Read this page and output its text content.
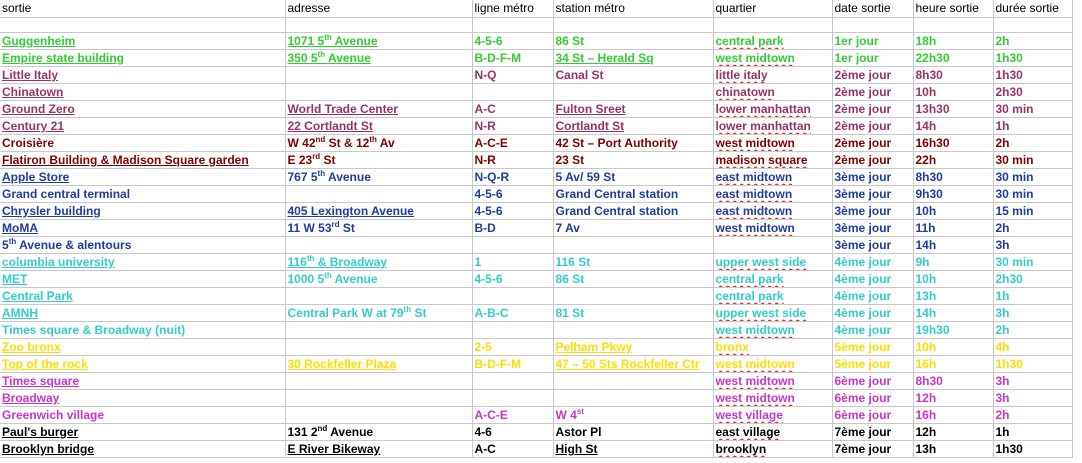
sortie	adresse	ligne métro	station métro	quartier	date sortie	heure sortie	durée sortie

Guggenheim	1071 5th Avenue	4-5-6	86 St	central park	1er jour	18h	2h
Empire state building	350 5th Avenue	B-D-F-M	34 St – Herald Sq	west midtown	1er jour	22h30	1h30
Little Italy		N-Q	Canal St	little italy	2ème jour	8h30	1h30
Chinatown				chinatown	2ème jour	10h	2h30
Ground Zero	World Trade Center	A-C	Fulton Sreet	lower manhattan	2ème jour	13h30	30 min
Century 21	22 Cortlandt St	N-R	Cortlandt St	lower manhattan	2ème jour	14h	1h
Croisière	W 42nd St & 12th Av	A-C-E	42 St – Port Authority	west midtown	2ème jour	16h30	2h
Flatiron Building & Madison Square garden	E 23rd St	N-R	23 St	madison square	2ème jour	22h	30 min
Apple Store	767 5th Avenue	N-Q-R	5 Av/ 59 St	east midtown	3ème jour	8h30	30 min
Grand central terminal		4-5-6	Grand Central station	east midtown	3ème jour	9h30	30 min
Chrysler building	405 Lexington Avenue	4-5-6	Grand Central station	east midtown	3ème jour	10h	15 min
MoMA	11 W 53rd St	B-D	7 Av	west midtown	3ème jour	11h	2h
5th Avenue & alentours					3ème jour	14h	3h
columbia university	116th & Broadway	1	116 St	upper west side	4ème jour	9h	30 min
MET	1000 5th Avenue	4-5-6	86 St	central park	4ème jour	10h	2h30
Central Park				central park	4ème jour	13h	1h
AMNH	Central Park W at 79th St	A-B-C	81 St	upper west side	4ème jour	14h	3h
Times square & Broadway (nuit)				west midtown	4ème jour	19h30	2h
Zoo bronx		2-5	Pelham Pkwy	bronx	5ème jour	10h	4h
Top of the rock	30 Rockfeller Plaza	B-D-F-M	47 – 50 Sts Rockfeller Ctr	west midtown	5ème jour	16h	1h30
Times square				west midtown	6ème jour	8h30	3h
Broadway				west midtown	6ème jour	12h	3h
Greenwich village		A-C-E	W 4st	west village	6ème jour	16h	2h
Paul's burger	131 2nd Avenue	4-6	Astor Pl	east village	7ème jour	12h	1h
Brooklyn bridge	E River Bikeway	A-C	High St	brooklyn	7ème jour	13h	1h30
